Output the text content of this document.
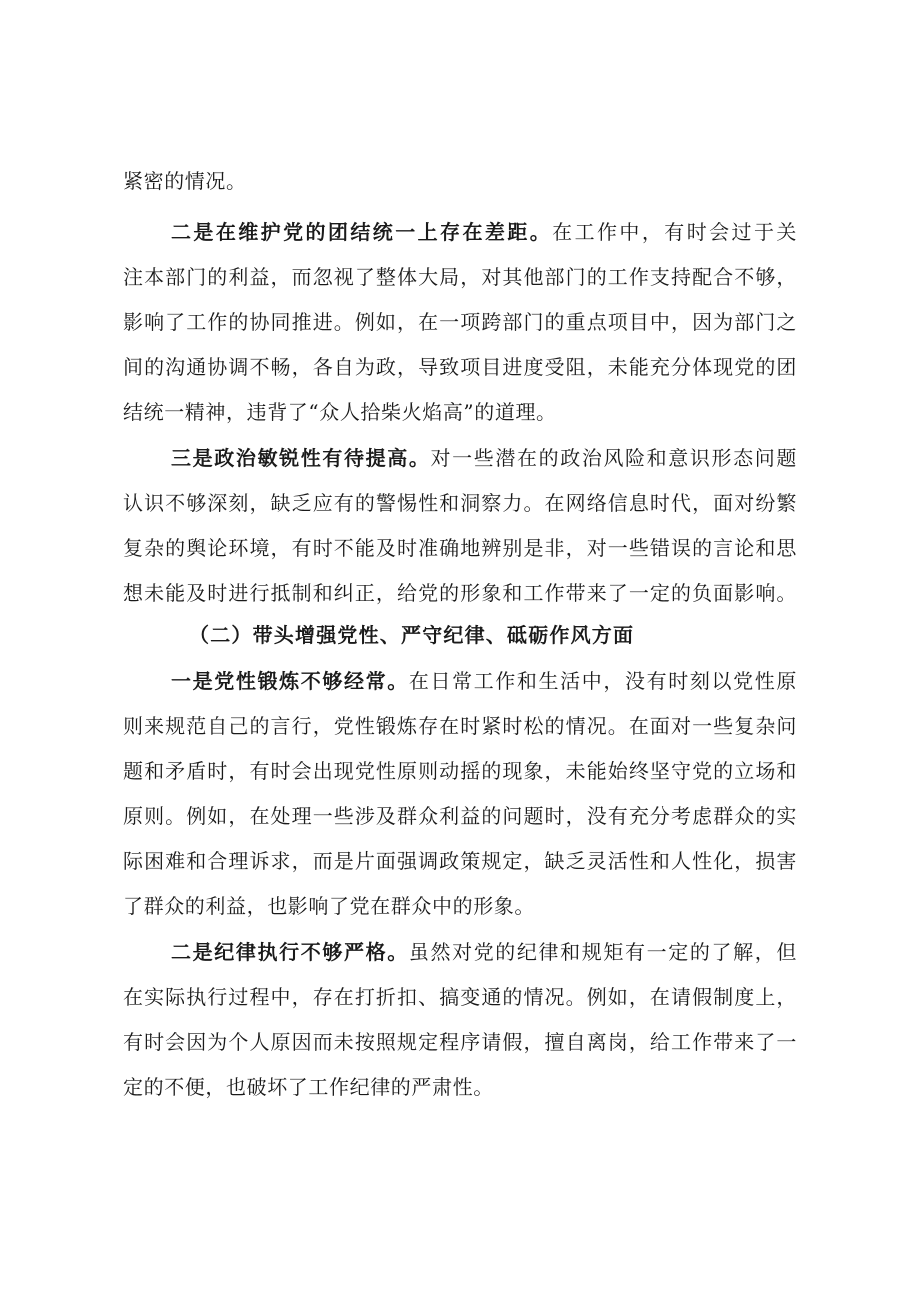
紧密的情况。
二是在维护党的团结统一上存在差距。在工作中，有时会过于关
注本部门的利益，而忽视了整体大局，对其他部门的工作支持配合不够，
影响了工作的协同推进。例如，在一项跨部门的重点项目中，因为部门之
间的沟通协调不畅，各自为政，导致项目进度受阻，未能充分体现党的团
结统一精神，违背了“众人拾柴火焰高”的道理。
三是政治敏锐性有待提高。对一些潜在的政治风险和意识形态问题
认识不够深刻，缺乏应有的警惕性和洞察力。在网络信息时代，面对纷繁
复杂的舆论环境，有时不能及时准确地辨别是非，对一些错误的言论和思
想未能及时进行抵制和纠正，给党的形象和工作带来了一定的负面影响。
一是党性锻炼不够经常。在日常工作和生活中，没有时刻以党性原
则来规范自己的言行，党性锻炼存在时紧时松的情况。在面对一些复杂问
题和矛盾时，有时会出现党性原则动摇的现象，未能始终坚守党的立场和
原则。例如，在处理一些涉及群众利益的问题时，没有充分考虑群众的实
际困难和合理诉求，而是片面强调政策规定，缺乏灵活性和人性化，损害
了群众的利益，也影响了党在群众中的形象。
二是纪律执行不够严格。虽然对党的纪律和规矩有一定的了解，但
在实际执行过程中，存在打折扣、搞变通的情况。例如，在请假制度上，
有时会因为个人原因而未按照规定程序请假，擅自离岗，给工作带来了一
定的不便，也破坏了工作纪律的严肃性。
（二）带头增强党性、严守纪律、砥砺作风方面
